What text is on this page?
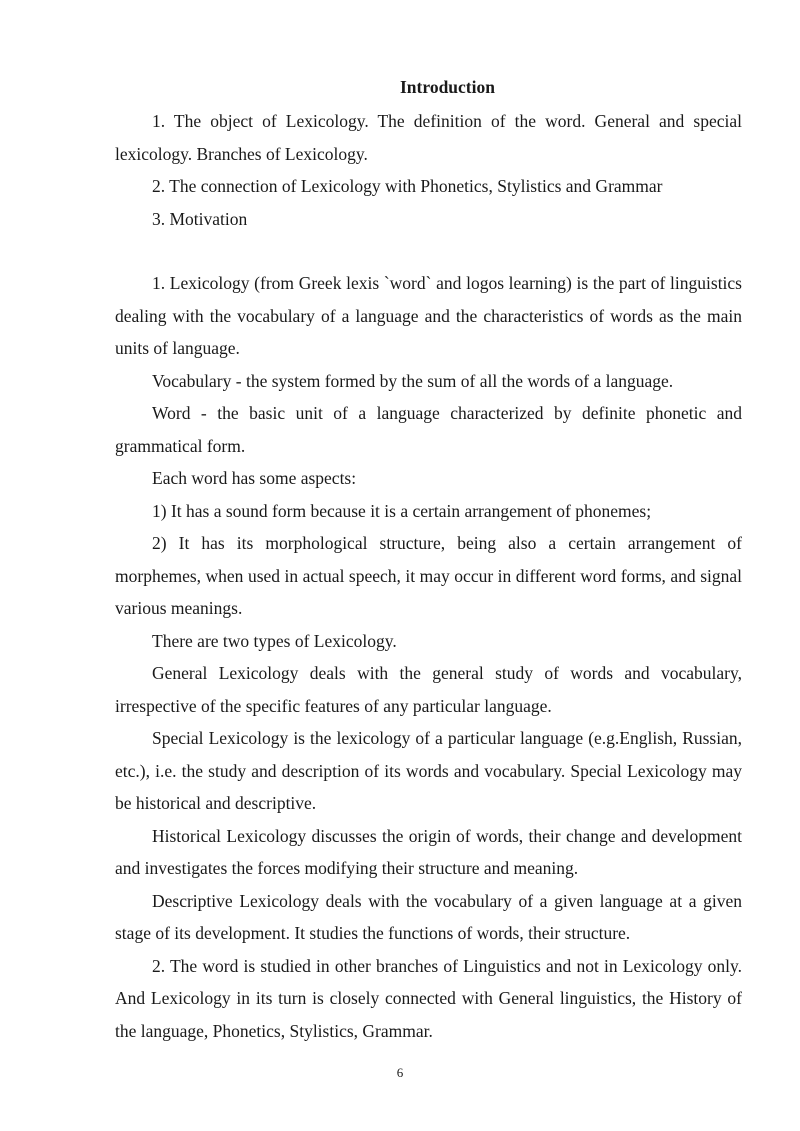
Introduction

1. The object of Lexicology. The definition of the word. General and special lexicology. Branches of Lexicology.

2. The connection of Lexicology with Phonetics, Stylistics and Grammar

3. Motivation

1. Lexicology (from Greek lexis `word` and logos learning) is the part of linguistics dealing with the vocabulary of a language and the characteristics of words as the main units of language.

Vocabulary - the system formed by the sum of all the words of a language.

Word - the basic unit of a language characterized by definite phonetic and grammatical form.

Each word has some aspects:

1) It has a sound form because it is a certain arrangement of phonemes;

2) It has its morphological structure, being also a certain arrangement of morphemes, when used in actual speech, it may occur in different word forms, and signal various meanings.

There are two types of Lexicology.

General Lexicology deals with the general study of words and vocabulary, irrespective of the specific features of any particular language.

Special Lexicology is the lexicology of a particular language (e.g.English, Russian, etc.), i.e. the study and description of its words and vocabulary. Special Lexicology may be historical and descriptive.

Historical Lexicology discusses the origin of words, their change and development and investigates the forces modifying their structure and meaning.

Descriptive Lexicology deals with the vocabulary of a given language at a given stage of its development. It studies the functions of words, their structure.

2. The word is studied in other branches of Linguistics and not in Lexicology only. And Lexicology in its turn is closely connected with General linguistics, the History of the language, Phonetics, Stylistics, Grammar.

6
